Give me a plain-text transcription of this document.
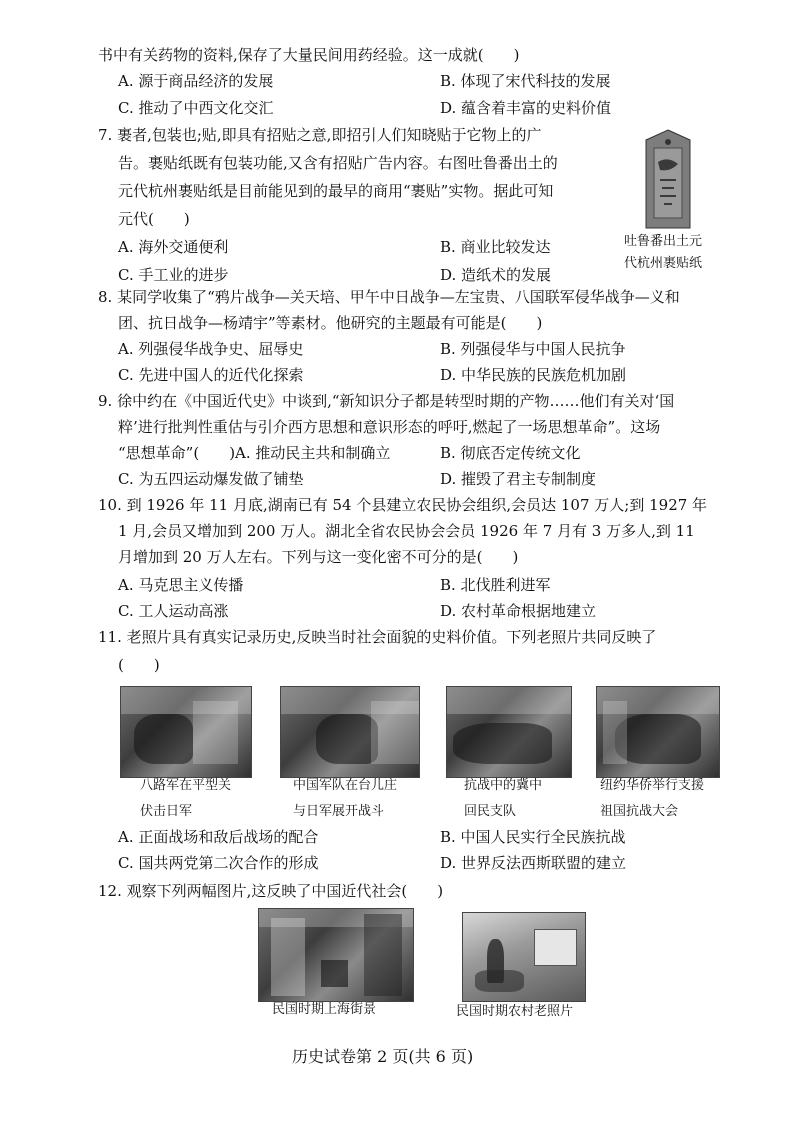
书中有关药物的资料,保存了大量民间用药经验。这一成就(　　)
A. 源于商品经济的发展	B. 体现了宋代科技的发展
C. 推动了中西文化交汇	D. 蕴含着丰富的史料价值
7. 裹者,包装也;贴,即具有招贴之意,即招引人们知晓贴于它物上的广
告。裹贴纸既有包装功能,又含有招贴广告内容。右图吐鲁番出土的
元代杭州裹贴纸是目前能见到的最早的商用“裹贴”实物。据此可知
元代(　　)
A. 海外交通便利	B. 商业比较发达
C. 手工业的进步	D. 造纸术的发展
吐鲁番出土元
代杭州裹贴纸
8. 某同学收集了“鸦片战争—关天培、甲午中日战争—左宝贵、八国联军侵华战争—义和
团、抗日战争—杨靖宇”等素材。他研究的主题最有可能是(　　)
A. 列强侵华战争史、屈辱史	B. 列强侵华与中国人民抗争
C. 先进中国人的近代化探索	D. 中华民族的民族危机加剧
9. 徐中约在《中国近代史》中谈到,“新知识分子都是转型时期的产物……他们有关对‘国
粹’进行批判性重估与引介西方思想和意识形态的呼吁,燃起了一场思想革命”。这场
“思想革命”(　　)A. 推动民主共和制确立	B. 彻底否定传统文化
C. 为五四运动爆发做了铺垫	D. 摧毁了君主专制制度
10. 到 1926 年 11 月底,湖南已有 54 个县建立农民协会组织,会员达 107 万人;到 1927 年
1 月,会员又增加到 200 万人。湖北全省农民协会会员 1926 年 7 月有 3 万多人,到 11
月增加到 20 万人左右。下列与这一变化密不可分的是(　　)
A. 马克思主义传播	B. 北伐胜利进军
C. 工人运动高涨	D. 农村革命根据地建立
11. 老照片具有真实记录历史,反映当时社会面貌的史料价值。下列老照片共同反映了
(　　)
八路军在平型关
伏击日军
中国军队在台儿庄
与日军展开战斗
抗战中的冀中
回民支队
纽约华侨举行支援
祖国抗战大会
A. 正面战场和敌后战场的配合	B. 中国人民实行全民族抗战
C. 国共两党第二次合作的形成	D. 世界反法西斯联盟的建立
12. 观察下列两幅图片,这反映了中国近代社会(　　)
民国时期上海街景	民国时期农村老照片
历史试卷第 2 页(共 6 页)
